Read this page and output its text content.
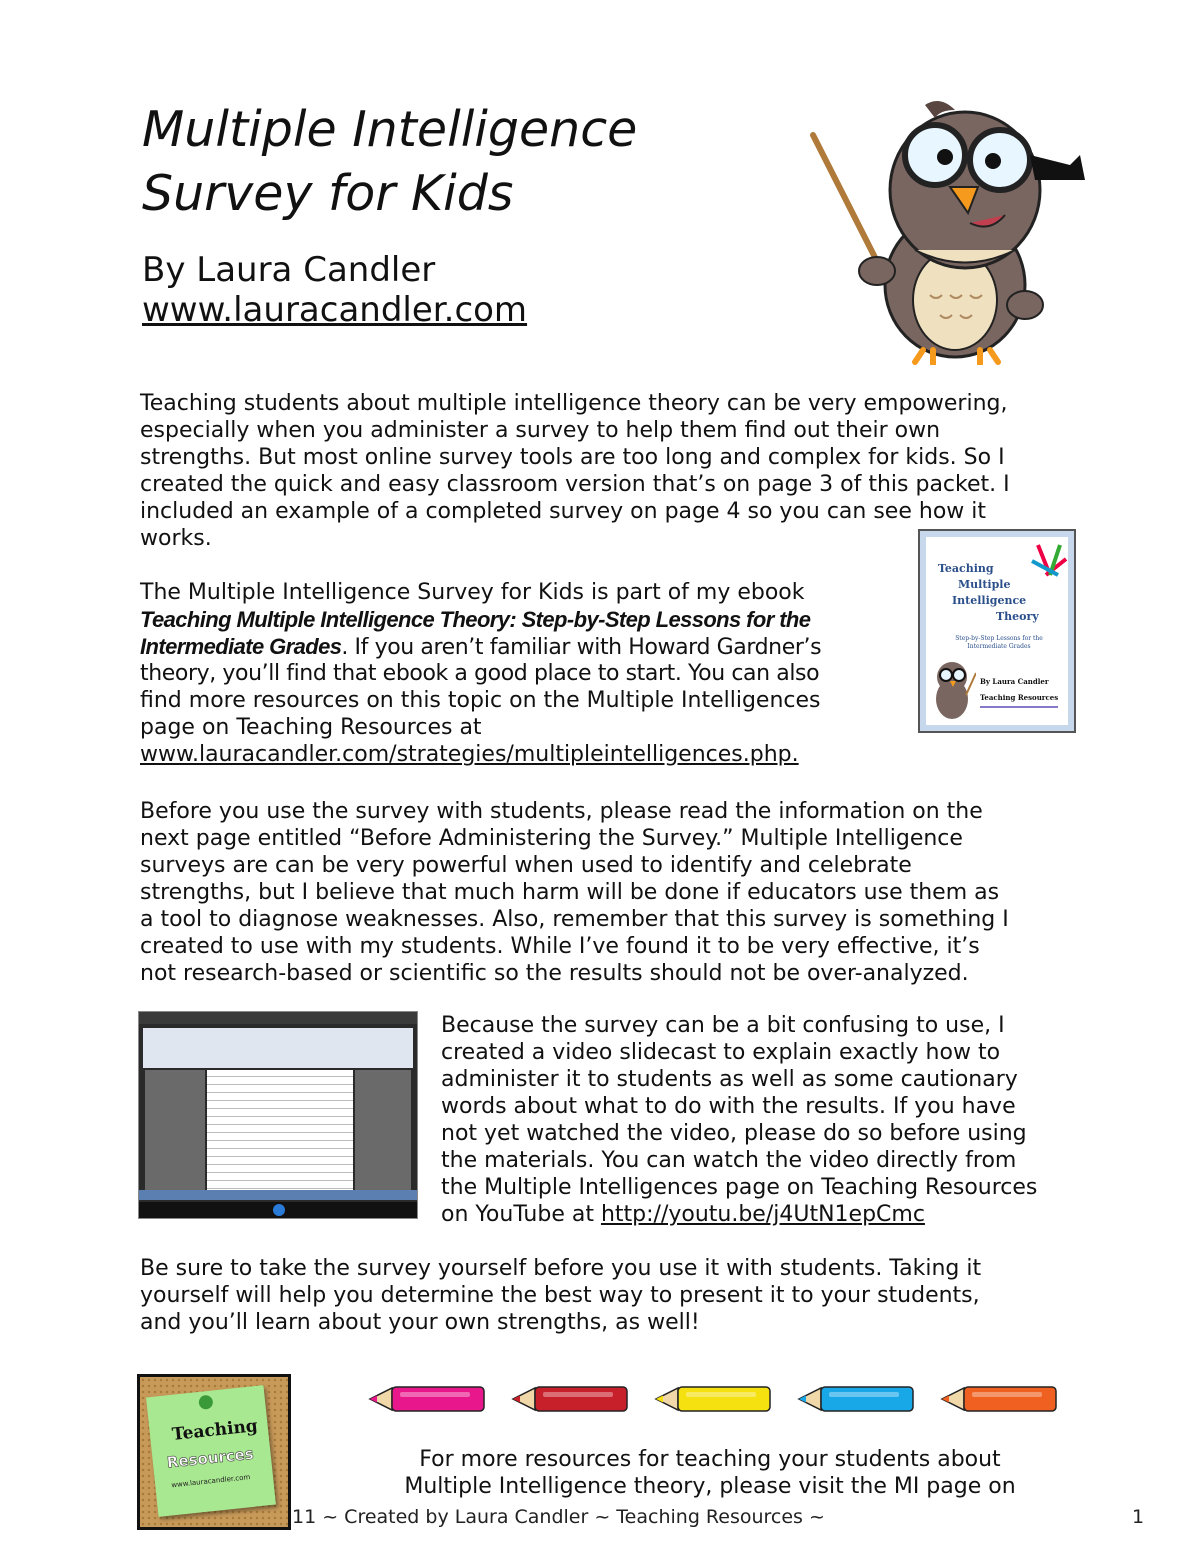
Multiple Intelligence
Survey for Kids
By Laura Candler
www.lauracandler.com
Teaching students about multiple intelligence theory can be very empowering,
especially when you administer a survey to help them find out their own
strengths. But most online survey tools are too long and complex for kids. So I
created the quick and easy classroom version that’s on page 3 of this packet. I
included an example of a completed survey on page 4 so you can see how it
works.
Teaching
Multiple
Intelligence
Theory
Step-by-Step Lessons for the Intermediate Grades
By Laura Candler
Teaching Resources
The Multiple Intelligence Survey for Kids is part of my ebook
Teaching Multiple Intelligence Theory: Step-by-Step Lessons for the
Intermediate Grades. If you aren’t familiar with Howard Gardner’s
theory, you’ll find that ebook a good place to start. You can also
find more resources on this topic on the Multiple Intelligences
page on Teaching Resources at
www.lauracandler.com/strategies/multipleintelligences.php.
Before you use the survey with students, please read the information on the
next page entitled “Before Administering the Survey.” Multiple Intelligence
surveys are can be very powerful when used to identify and celebrate
strengths, but I believe that much harm will be done if educators use them as
a tool to diagnose weaknesses. Also, remember that this survey is something I
created to use with my students. While I’ve found it to be very effective, it’s
not research-based or scientific so the results should not be over-analyzed.
Because the survey can be a bit confusing to use, I
created a video slidecast to explain exactly how to
administer it to students as well as some cautionary
words about what to do with the results. If you have
not yet watched the video, please do so before using
the materials. You can watch the video directly from
the Multiple Intelligences page on Teaching Resources
on YouTube at http://youtu.be/j4UtN1epCmc
Be sure to take the survey yourself before you use it with students. Taking it
yourself will help you determine the best way to present it to your students,
and you’ll learn about your own strengths, as well!
Teaching
Resources
www.lauracandler.com
For more resources for teaching your students about
Multiple Intelligence theory, please visit the MI page on
11 ~ Created by Laura Candler ~ Teaching Resources ~	1
